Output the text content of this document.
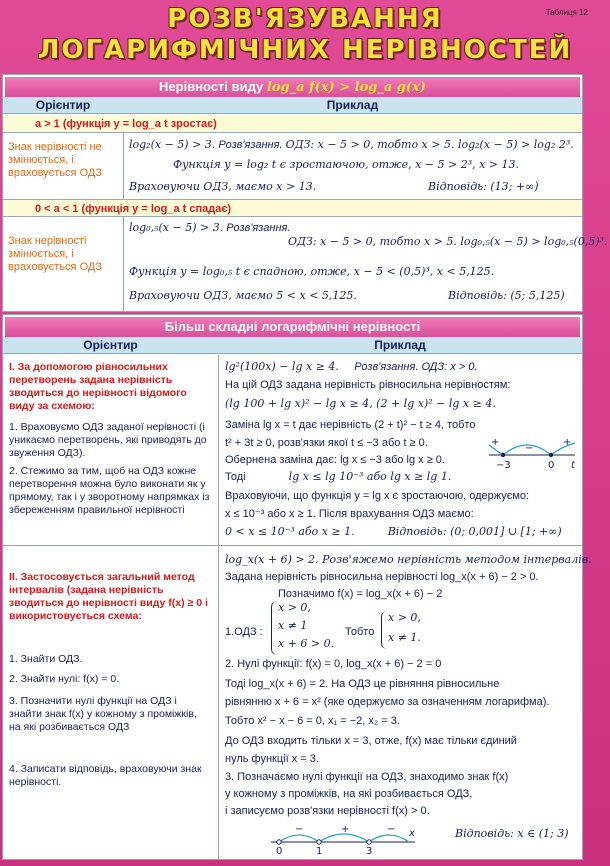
Таблиця 12
РОЗВ'ЯЗУВАННЯ
ЛОГАРИФМІЧНИХ НЕРІВНОСТЕЙ
Нерівності виду log_a f(x) > log_a g(x)
Орієнтир	Приклад
a > 1 (функція y = log_a t зростає)
Знак нерівності не змінюється, і враховується ОДЗ
log₂(x − 5) > 3. Розв'язання. ОДЗ: x − 5 > 0, тобто x > 5. log₂(x − 5) > log₂ 2³.
Функція y = log₂ t є зростаючою, отже, x − 5 > 2³, x > 13.
Враховуючи ОДЗ, маємо x > 13.	Відповідь: (13; +∞)
0 < a < 1 (функція y = log_a t спадає)
Знак нерівності змінюється, і враховується ОДЗ
log₀,₅(x − 5) > 3. Розв'язання.
ОДЗ: x − 5 > 0, тобто x > 5. log₀,₅(x − 5) > log₀,₅(0,5)³.
Функція y = log₀,₅ t є спадною, отже, x − 5 < (0,5)³, x < 5,125.
Враховуючи ОДЗ, маємо 5 < x < 5,125.	Відповідь: (5; 5,125)
Більш складні логарифмічні нерівності
Орієнтир	Приклад
І. За допомогою рівносильних перетворень задана нерівність зводиться до нерівності відомого виду за схемою:
1. Враховуємо ОДЗ заданої нерівності (і уникаємо перетворень, які приводять до звуження ОДЗ).
2. Стежимо за тим, щоб на ОДЗ кожне перетворення можна було виконати як у прямому, так і у зворотному напрямках із збереженням правильної нерівності
lg²(100x) − lg x ≥ 4. Розв'язання. ОДЗ: x > 0.
На цій ОДЗ задана нерівність рівносильна нерівностям:
(lg 100 + lg x)² − lg x ≥ 4, (2 + lg x)² − lg x ≥ 4.
Заміна lg x = t дає нерівність (2 + t)² − t ≥ 4, тобто
t² + 3t ≥ 0, розв'язки якої t ≤ −3 або t ≥ 0.
Обернена заміна дає: lg x ≤ −3 або lg x ≥ 0.
Тоді	lg x ≤ lg 10⁻³ або lg x ≥ lg 1.
Враховуючи, що функція y = lg x є зростаючою, одержуємо:
x ≤ 10⁻³ або x ≥ 1. Після врахування ОДЗ маємо:
0 < x ≤ 10⁻³ або x ≥ 1.	Відповідь: (0; 0,001] ∪ [1; +∞)
+
−
+
−3	0 t
ІІ. Застосовується загальний метод інтервалів (задана нерівність зводиться до нерівності виду f(x) ≥ 0 і використовується схема:
1. Знайти ОДЗ.
2. Знайти нулі: f(x) = 0.
3. Позначити нулі функції на ОДЗ і знайти знак f(x) у кожному з проміжків, на які розбивається ОДЗ
4. Записати відповідь, враховуючи знак нерівності.
log_x(x + 6) > 2. Розв'яжемо нерівність методом інтервалів.
Задана нерівність рівносильна нерівності log_x(x + 6) − 2 > 0.
Позначимо f(x) = log_x(x + 6) − 2
1.ОДЗ :
x > 0,
x ≠ 1
x + 6 > 0.
Тобто
x > 0,
x ≠ 1.
2. Нулі функції: f(x) = 0, log_x(x + 6) − 2 = 0
Тоді log_x(x + 6) = 2. На ОДЗ це рівняння рівносильне
рівнянню x + 6 = x² (яке одержуємо за означенням логарифма).
Тобто x² − x − 6 = 0, x₁ = −2, x₂ = 3.
До ОДЗ входить тільки x = 3, отже, f(x) має тільки єдиний
нуль функції x = 3.
3. Позначаємо нулі функції на ОДЗ, знаходимо знак f(x)
у кожному з проміжків, на які розбивається ОДЗ,
і записуємо розв'язки нерівності f(x) > 0.
Відповідь: x ∈ (1; 3)
−	+	−
0	1	3
x
